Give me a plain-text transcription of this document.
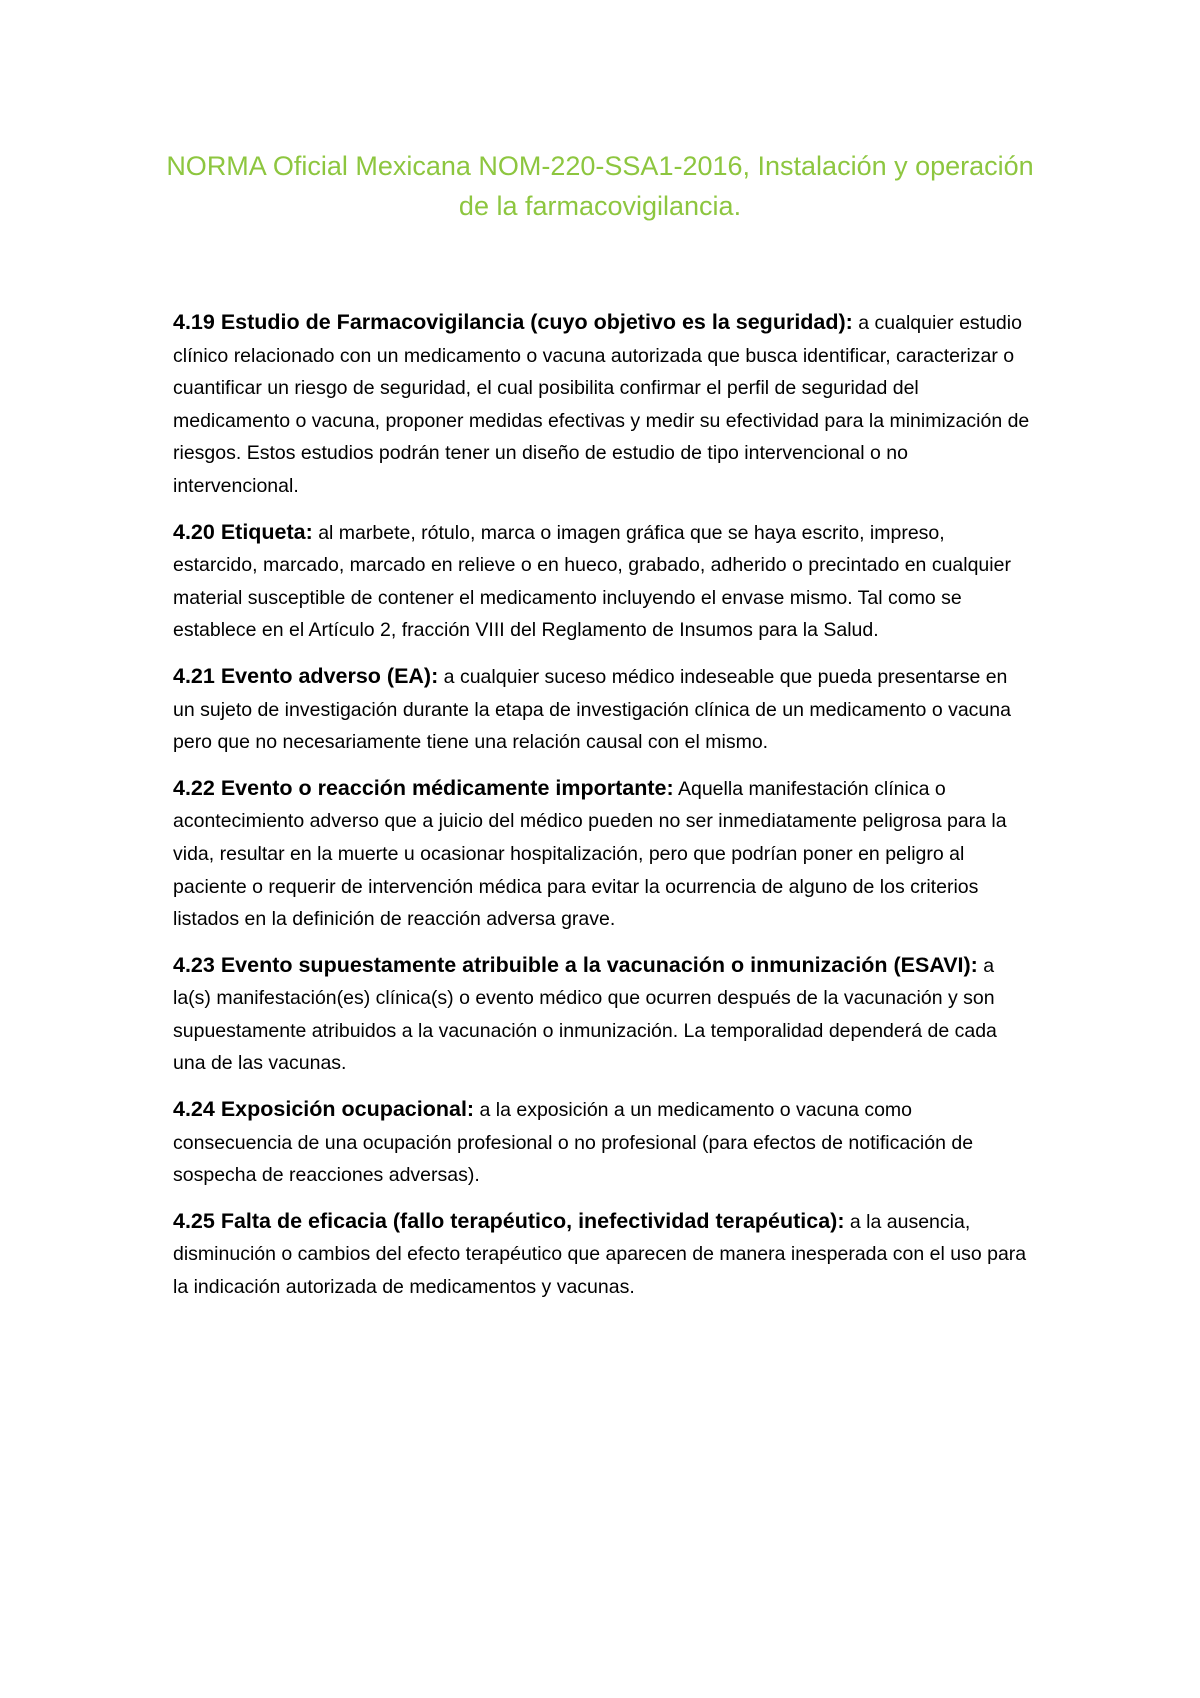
NORMA Oficial Mexicana NOM-220-SSA1-2016, Instalación y operación de la farmacovigilancia.

4.19 Estudio de Farmacovigilancia (cuyo objetivo es la seguridad): a cualquier estudio clínico relacionado con un medicamento o vacuna autorizada que busca identificar, caracterizar o cuantificar un riesgo de seguridad, el cual posibilita confirmar el perfil de seguridad del medicamento o vacuna, proponer medidas efectivas y medir su efectividad para la minimización de riesgos. Estos estudios podrán tener un diseño de estudio de tipo intervencional o no intervencional.

4.20 Etiqueta: al marbete, rótulo, marca o imagen gráfica que se haya escrito, impreso, estarcido, marcado, marcado en relieve o en hueco, grabado, adherido o precintado en cualquier material susceptible de contener el medicamento incluyendo el envase mismo. Tal como se establece en el Artículo 2, fracción VIII del Reglamento de Insumos para la Salud.

4.21 Evento adverso (EA): a cualquier suceso médico indeseable que pueda presentarse en un sujeto de investigación durante la etapa de investigación clínica de un medicamento o vacuna pero que no necesariamente tiene una relación causal con el mismo.

4.22 Evento o reacción médicamente importante: Aquella manifestación clínica o acontecimiento adverso que a juicio del médico pueden no ser inmediatamente peligrosa para la vida, resultar en la muerte u ocasionar hospitalización, pero que podrían poner en peligro al paciente o requerir de intervención médica para evitar la ocurrencia de alguno de los criterios listados en la definición de reacción adversa grave.

4.23 Evento supuestamente atribuible a la vacunación o inmunización (ESAVI): a la(s) manifestación(es) clínica(s) o evento médico que ocurren después de la vacunación y son supuestamente atribuidos a la vacunación o inmunización. La temporalidad dependerá de cada una de las vacunas.

4.24 Exposición ocupacional: a la exposición a un medicamento o vacuna como consecuencia de una ocupación profesional o no profesional (para efectos de notificación de sospecha de reacciones adversas).

4.25 Falta de eficacia (fallo terapéutico, inefectividad terapéutica): a la ausencia, disminución o cambios del efecto terapéutico que aparecen de manera inesperada con el uso para la indicación autorizada de medicamentos y vacunas.
